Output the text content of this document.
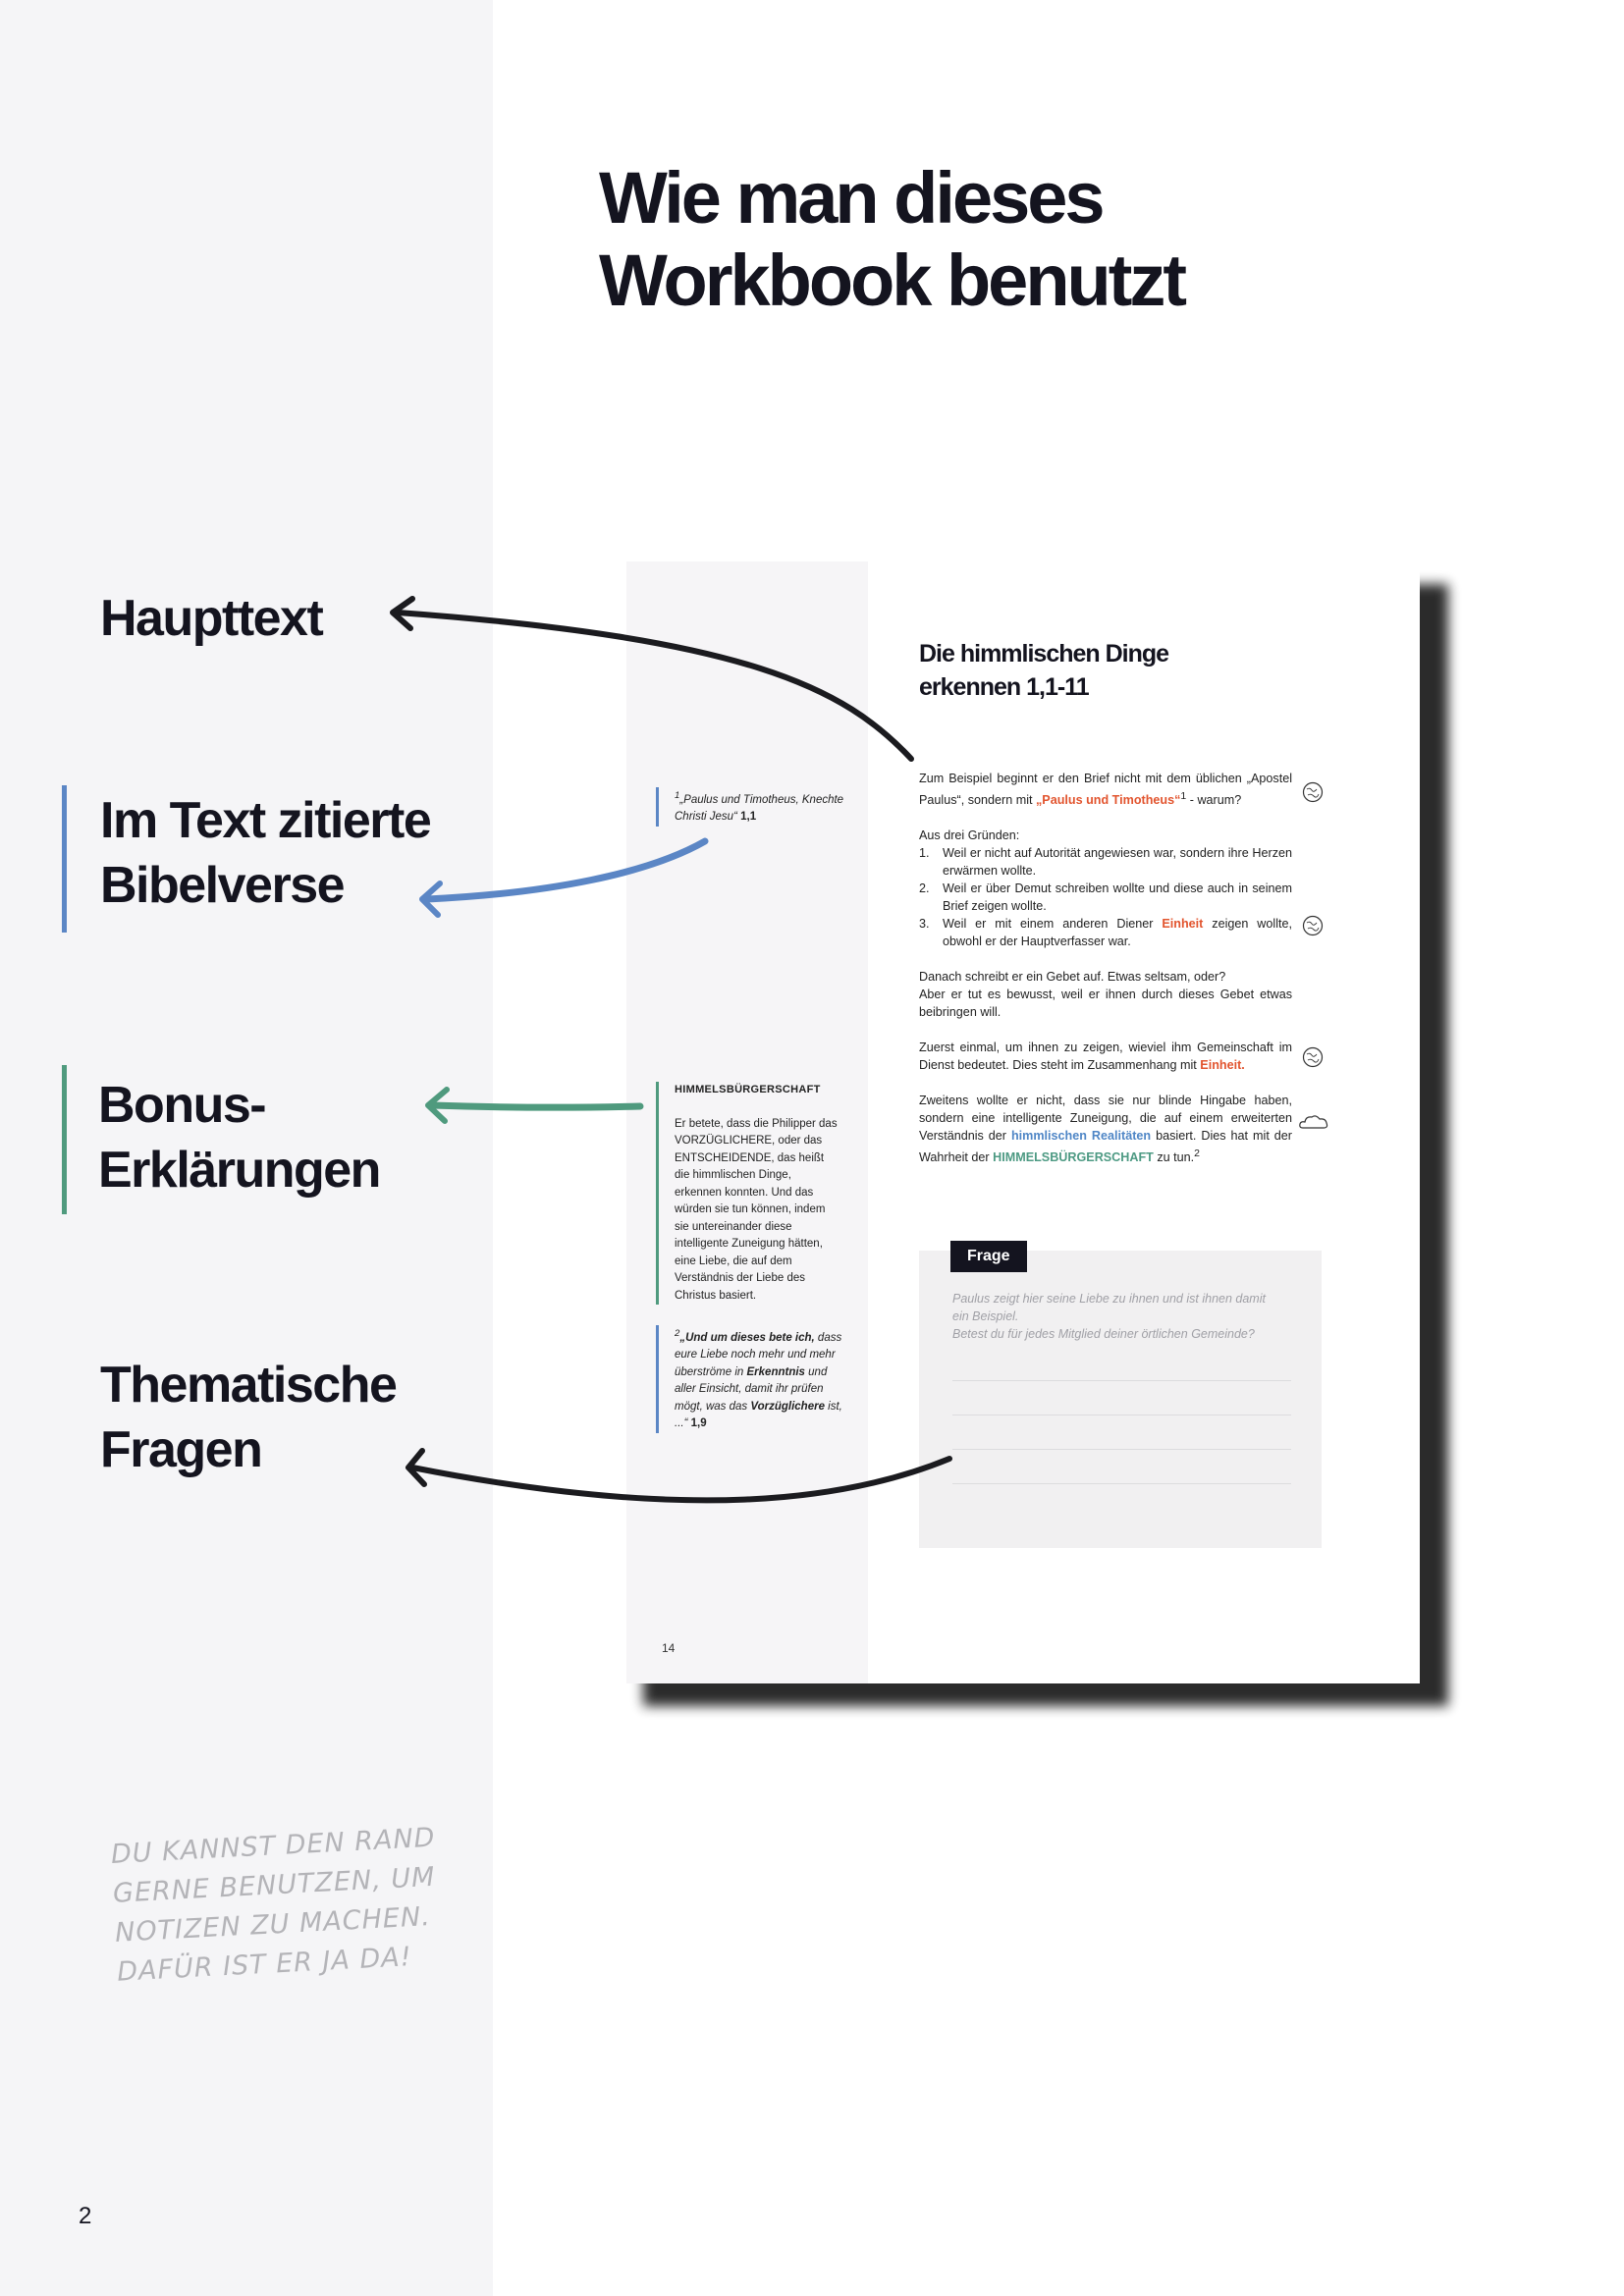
Wie man dieses
Workbook benutzt
Haupttext
Im Text zitierte
Bibelverse
Bonus-
Erklärungen
Thematische
Fragen
DU KANNST DEN RAND
GERNE BENUTZEN, UM
NOTIZEN ZU MACHEN.
DAFÜR IST ER JA DA!
2
Die himmlischen Dinge
erkennen 1,1-11

Zum Beispiel beginnt er den Brief nicht mit dem üblichen „Apostel Paulus“, sondern mit „Paulus und Timotheus“$^1$ - warum?

Aus drei Gründen:
1. Weil er nicht auf Autorität angewiesen war, sondern ihre Herzen erwärmen wollte.
2. Weil er über Demut schreiben wollte und diese auch in seinem Brief zeigen wollte.
3. Weil er mit einem anderen Diener Einheit zeigen wollte, obwohl er der Hauptverfasser war.

Danach schreibt er ein Gebet auf. Etwas seltsam, oder?
Aber er tut es bewusst, weil er ihnen durch dieses Gebet etwas beibringen will.

Zuerst einmal, um ihnen zu zeigen, wieviel ihm Gemeinschaft im Dienst bedeutet. Dies steht im Zusammenhang mit Einheit.

Zweitens wollte er nicht, dass sie nur blinde Hingabe haben, sondern eine intelligente Zuneigung, die auf einem erweiterten Verständnis der himmlischen Realitäten basiert. Dies hat mit der Wahrheit der HIMMELSBÜRGERSCHAFT zu tun.$^2$

$^1$„Paulus und Timotheus, Knechte Christi Jesu“ 1,1
HIMMELSBÜRGERSCHAFT
Er betete, dass die Philipper das VORZÜGLICHERE, oder das ENTSCHEIDENDE, das heißt die himmlischen Dinge, erkennen konnten. Und das würden sie tun können, indem sie untereinander diese intelligente Zuneigung hätten, eine Liebe, die auf dem Verständnis der Liebe des Christus basiert.
$^2$„Und um dieses bete ich, dass eure Liebe noch mehr und mehr überströme in Erkenntnis und aller Einsicht, damit ihr prüfen mögt, was das Vorzüglichere ist, ...“ 1,9
14
Frage
Paulus zeigt hier seine Liebe zu ihnen und ist ihnen damit
ein Beispiel.
Betest du für jedes Mitglied deiner örtlichen Gemeinde?
